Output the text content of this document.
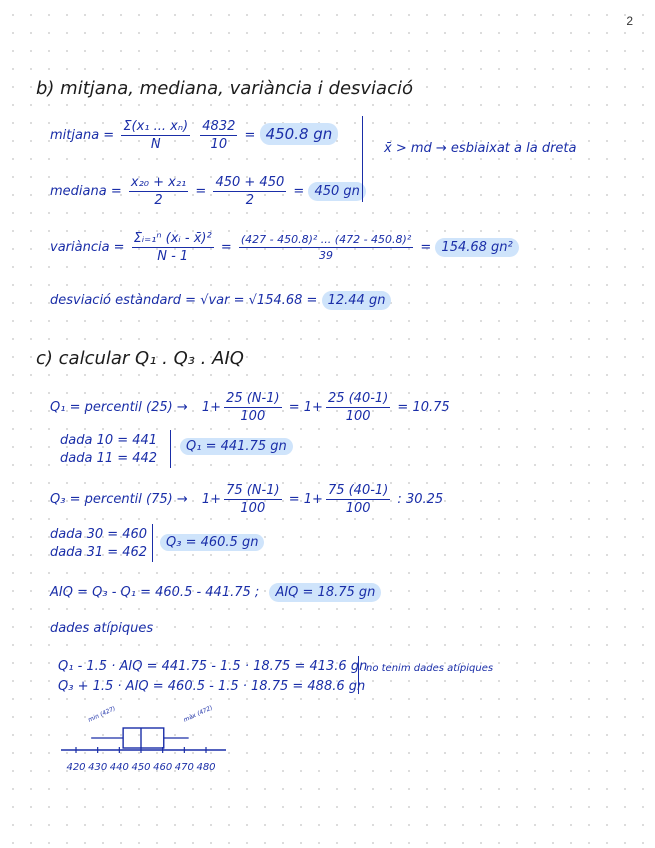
2
b) mitjana, mediana, variància i desviació
mitjana = $\frac{\text{Σ(x₁ ... xₙ)}}{N}$
$\frac{4832}{10} = 450.8$ gn
mediana = $\frac{\text{x₂₀ + x₂₁}}{2} = \frac{450 + 450}{2} = 450$ gn
x̄ > md → esbiaixat a la dreta
variància = $\frac{\text{Σᵢ₌₁ⁿ (xᵢ - x̄)²}}{N - 1} = \frac{\text{(427 - 450.8)² ... (472 - 450.8)²}}{39} = 154.68$ gn²
desviació estàndard = √var = √154.68 = 12.44 gn
c) calcular Q₁ . Q₃ . AIQ
Q₁ = percentil $(25) \to 1+ \frac{25 (N-1)}{100} = 1+ \frac{25 (40-1)}{100} = 10.75$
dada 10 = 441
dada 11 = 442
Q₁ = 441.75 gn
Q₃ = percentil $(75) \to 1+ \frac{75 (N-1)}{100} = 1+ \frac{75 (40-1)}{100}$ : 30.25
dada 30 = 460
dada 31 = 462
Q₃ = 460.5 gn
AIQ = Q₃ - Q₁ = 460.5 - 441.75 ; AIQ = 18.75 gn
dades atípiques
Q₁ - 1.5 · AIQ = 441.75 - 1.5 · 18.75 = 413.6 gn
Q₃ + 1.5 · AIQ = 460.5 - 1.5 · 18.75 = 488.6 gn
no tenim dades atípiques
420 430 440 450 460 470 480
min (427)	màx (472)
